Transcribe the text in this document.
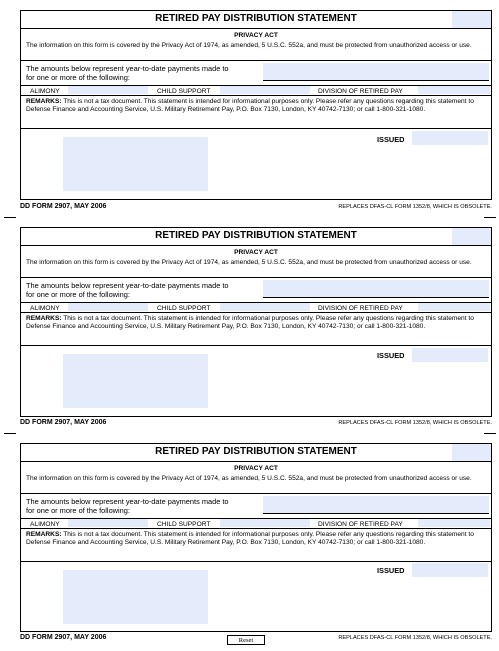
RETIRED PAY DISTRIBUTION STATEMENT
PRIVACY ACT
The information on this form is covered by the Privacy Act of 1974, as amended, 5 U.S.C. 552a, and must be protected from unauthorized access or use.
The amounts below represent year-to-date payments made to
for one or more of the following:
ALIMONY	CHILD SUPPORT	DIVISION OF RETIRED PAY
REMARKS: This is not a tax document. This statement is intended for informational purposes only. Please refer any questions regarding this statement to Defense Finance and Accounting Service, U.S. Military Retirement Pay, P.O. Box 7130, London, KY 40742-7130; or call 1-800-321-1080.
ISSUED
DD FORM 2907, MAY 2006	REPLACES DFAS-CL FORM 1352/8, WHICH IS OBSOLETE.
RETIRED PAY DISTRIBUTION STATEMENT
PRIVACY ACT
The information on this form is covered by the Privacy Act of 1974, as amended, 5 U.S.C. 552a, and must be protected from unauthorized access or use.
The amounts below represent year-to-date payments made to
for one or more of the following:
ALIMONY	CHILD SUPPORT	DIVISION OF RETIRED PAY
REMARKS: This is not a tax document. This statement is intended for informational purposes only. Please refer any questions regarding this statement to Defense Finance and Accounting Service, U.S. Military Retirement Pay, P.O. Box 7130, London, KY 40742-7130; or call 1-800-321-1080.
ISSUED
DD FORM 2907, MAY 2006	REPLACES DFAS-CL FORM 1352/8, WHICH IS OBSOLETE.
RETIRED PAY DISTRIBUTION STATEMENT
PRIVACY ACT
The information on this form is covered by the Privacy Act of 1974, as amended, 5 U.S.C. 552a, and must be protected from unauthorized access or use.
The amounts below represent year-to-date payments made to
for one or more of the following:
ALIMONY	CHILD SUPPORT	DIVISION OF RETIRED PAY
REMARKS: This is not a tax document. This statement is intended for informational purposes only. Please refer any questions regarding this statement to Defense Finance and Accounting Service, U.S. Military Retirement Pay, P.O. Box 7130, London, KY 40742-7130; or call 1-800-321-1080.
ISSUED
DD FORM 2907, MAY 2006	REPLACES DFAS-CL FORM 1352/8, WHICH IS OBSOLETE.
Reset
